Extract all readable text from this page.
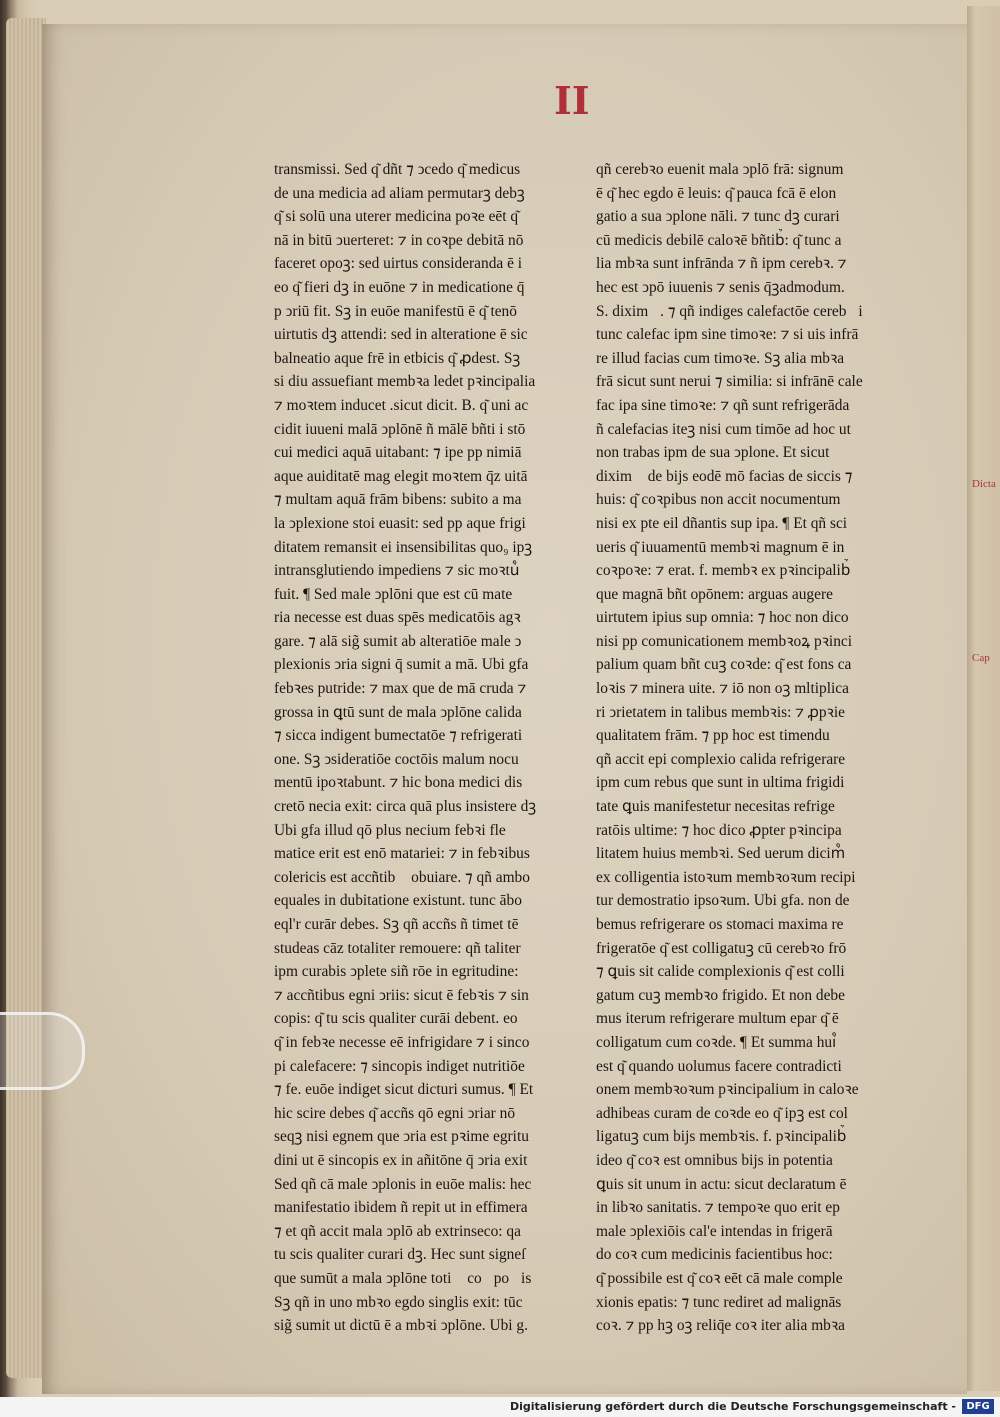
II
transmissi. Sed q͂ dñt ⁊ ↄcedo q͂ medicus
de una medicia ad aliam permutarꝫ debꝫ
q͂ si solū una uterer medicina poꝛe eēt q͂
nā in bitū ↄuerteret: ⁊ in coꝛpe debitā nō
faceret opoꝫ: sed uirtus consideranda ē i
eo q͂ fieri dꝫ in euōne ⁊ in medicatione q̄
p ↄriū fit. Sꝫ in euōe manifestū ē q͂ tenō
uirtutis dꝫ attendi: sed in alteratione ē sic
balneatio aque frē in etbicis q͂ ꝓdest. Sꝫ
si diu assuefiant membꝛa ledet pꝛincipalia
⁊ moꝛtem inducet .sicut dicit. B. q͂ uni ac
cidit iuueni malā ↄplōnē ñ mālē bñti i stō
cui medici aquā uitabant: ⁊ ipe pp nimiā
aque auiditatē mag elegit moꝛtem q̄z uitā
⁊ multam aquā frām bibens: subito a ma
la ↄplexione stoi euasit: sed pp aque frigi
ditatem remansit ei insensibilitas quo₉ ipꝫ
intransglutiendo impediens ⁊ sic moꝛtu᷒
fuit. ¶ Sed male ↄplōni que est cū mate
ria necesse est duas spēs medicatōis agꝛ
gare. ⁊ alā sig̃ sumit ab alteratiōe male ↄ
plexionis ↄria signi q̄ sumit a mā. Ubi gfa
febꝛes putride: ⁊ max que de mā cruda ⁊
grossa in ꝗtū sunt de mala ↄplōne calida
⁊ sicca indigent bumectatōe ⁊ refrigerati
one. Sꝫ ↄsideratiōe coctōis malum nocu
mentū ipoꝛtabunt. ⁊ hic bona medici dis
cretō necia exit: circa quā plus insistere dꝫ
Ubi gfa illud qō plus necium febꝛi fle
matice erit est enō matariei: ⁊ in febꝛibus
colericis est accñtib᷒ obuiare. ⁊ qñ ambo
equales in dubitatione existunt. tunc ābo
eql'r curār debes. Sꝫ qñ accñs ñ timet tē
studeas cāz totaliter remouere: qñ taliter
ipm curabis ↄplete siñ rōe in egritudine:
⁊ accñtibus egni ↄriis: sicut ē febꝛis ⁊ sin
copis: q͂ tu scis qualiter curāi debent. eo
q͂ in febꝛe necesse eē infrigidare ⁊ i sinco
pi calefacere: ⁊ sincopis indiget nutritiōe
⁊ fe. euōe indiget sicut dicturi sumus. ¶ Et
hic scire debes q͂ accñs qō egni ↄriar nō
seqꝫ nisi egnem que ↄria est pꝛime egritu
dini ut ē sincopis ex in añitōne q̄ ↄria exit
Sed qñ cā male ↄplonis in euōe malis: hec
manifestatio ibidem ñ repit ut in effimera
⁊ et qñ accit mala ↄplō ab extrinseco: qa
tu scis qualiter curari dꝫ. Hec sunt signeſ
que sumūt a mala ↄplōne toti᷒ coꝛpoꝛis
Sꝫ qñ in uno mbꝛo egdo singlis exit: tūc
sig̃ sumit ut dictū ē a mbꝛi ↄplōne. Ubi g.
qñ cerebꝛo euenit mala ↄplō frā: signum
ē q͂ hec egdo ē leuis: q͂ pauca fcā ē elon
gatio a sua ↄplone nāli. ⁊ tunc dꝫ curari
cū medicis debilē caloꝛē bñtib᷒: q͂ tunc a
lia mbꝛa sunt infrānda ⁊ ñ ipm cerebꝛ. ⁊
hec est ↄpō iuuenis ⁊ senis q̄ꝫadmodum.
S. dixim᷒. ⁊ qñ indiges calefactōe cerebꝛi
tunc calefac ipm sine timoꝛe: ⁊ si uis infrā
re illud facias cum timoꝛe. Sꝫ alia mbꝛa
frā sicut sunt nerui ⁊ similia: si infrānē cale
fac ipa sine timoꝛe: ⁊ qñ sunt refrigerāda
ñ calefacias iteꝫ nisi cum timōe ad hoc ut
non trabas ipm de sua ↄplone. Et sicut
dixim᷒ de bijs eodē mō facias de siccis ⁊
huis: q͂ coꝛpibus non accit nocumentum
nisi ex pte eil dñantis sup ipa. ¶ Et qñ sci
ueris q͂ iuuamentū membꝛi magnum ē in
coꝛpoꝛe: ⁊ erat. f. membꝛ ex pꝛincipalib᷒
que magnā bñt opōnem: arguas augere
uirtutem ipius sup omnia: ⁊ hoc non dico
nisi pp comunicationem membꝛoꝝ pꝛinci
palium quam bñt cuꝫ coꝛde: q͂ est fons ca
loꝛis ⁊ minera uite. ⁊ iō non oꝫ mltiplica
ri ↄrietatem in talibus membꝛis: ⁊ ꝓpꝛie
qualitatem frām. ⁊ pp hoc est timendu
qñ accit epi complexio calida refrigerare
ipm cum rebus que sunt in ultima frigidi
tate ꝗuis manifestetur necesitas refrige
ratōis ultime: ⁊ hoc dico ꝓpter pꝛincipa
litatem huius membꝛi. Sed uerum dicim᷒
ex colligentia istoꝛum membꝛoꝛum recipi
tur demostratio ipsoꝛum. Ubi gfa. non de
bemus refrigerare os stomaci maxima re
frigeratōe q͂ est colligatuꝫ cū cerebꝛo frō
⁊ ꝗuis sit calide complexionis q͂ est colli
gatum cuꝫ membꝛo frigido. Et non debe
mus iterum refrigerare multum epar q͂ ē
colligatum cum coꝛde. ¶ Et summa hui᷒
est q͂ quando uolumus facere contradicti
onem membꝛoꝛum pꝛincipalium in caloꝛe
adhibeas curam de coꝛde eo q͂ ipꝫ est col
ligatuꝫ cum bijs membꝛis. f. pꝛincipalib᷒
ideo q͂ coꝛ est omnibus bijs in potentia
ꝗuis sit unum in actu: sicut declaratum ē
in libꝛo sanitatis. ⁊ tempoꝛe quo erit ep
male ↄplexiōis cal'e intendas in frigerā
do coꝛ cum medicinis facientibus hoc:
q͂ possibile est q͂ coꝛ eēt cā male comple
xionis epatis: ⁊ tunc rediret ad malignās
coꝛ. ⁊ pp hꝫ oꝫ reliq̄e coꝛ iter alia mbꝛa
Dicta
Cap
Digitalisierung gefördert durch die Deutsche Forschungsgemeinschaft -	DFG
